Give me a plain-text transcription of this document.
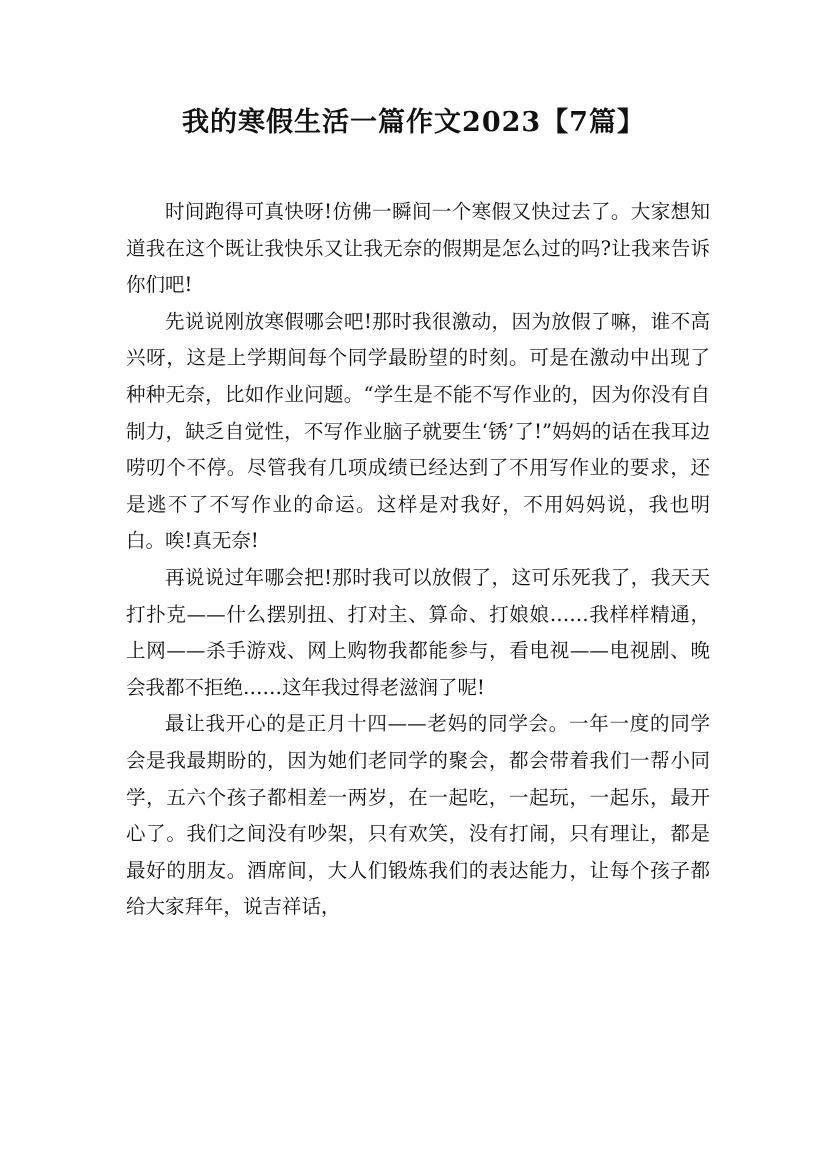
我的寒假生活一篇作文2023【7篇】

时间跑得可真快呀!仿佛一瞬间一个寒假又快过去了。大家想知道我在这个既让我快乐又让我无奈的假期是怎么过的吗?让我来告诉你们吧!

先说说刚放寒假哪会吧!那时我很激动，因为放假了嘛，谁不高兴呀，这是上学期间每个同学最盼望的时刻。可是在激动中出现了种种无奈，比如作业问题。“学生是不能不写作业的，因为你没有自制力，缺乏自觉性，不写作业脑子就要生‘锈’了!”妈妈的话在我耳边唠叨个不停。尽管我有几项成绩已经达到了不用写作业的要求，还是逃不了不写作业的命运。这样是对我好，不用妈妈说，我也明白。唉!真无奈!

再说说过年哪会把!那时我可以放假了，这可乐死我了，我天天打扑克——什么摆别扭、打对主、算命、打娘娘……我样样精通，上网——杀手游戏、网上购物我都能参与，看电视——电视剧、晚会我都不拒绝……这年我过得老滋润了呢!

最让我开心的是正月十四——老妈的同学会。一年一度的同学会是我最期盼的，因为她们老同学的聚会，都会带着我们一帮小同学，五六个孩子都相差一两岁，在一起吃，一起玩，一起乐，最开心了。我们之间没有吵架，只有欢笑，没有打闹，只有理让，都是最好的朋友。酒席间，大人们锻炼我们的表达能力，让每个孩子都给大家拜年，说吉祥话，
